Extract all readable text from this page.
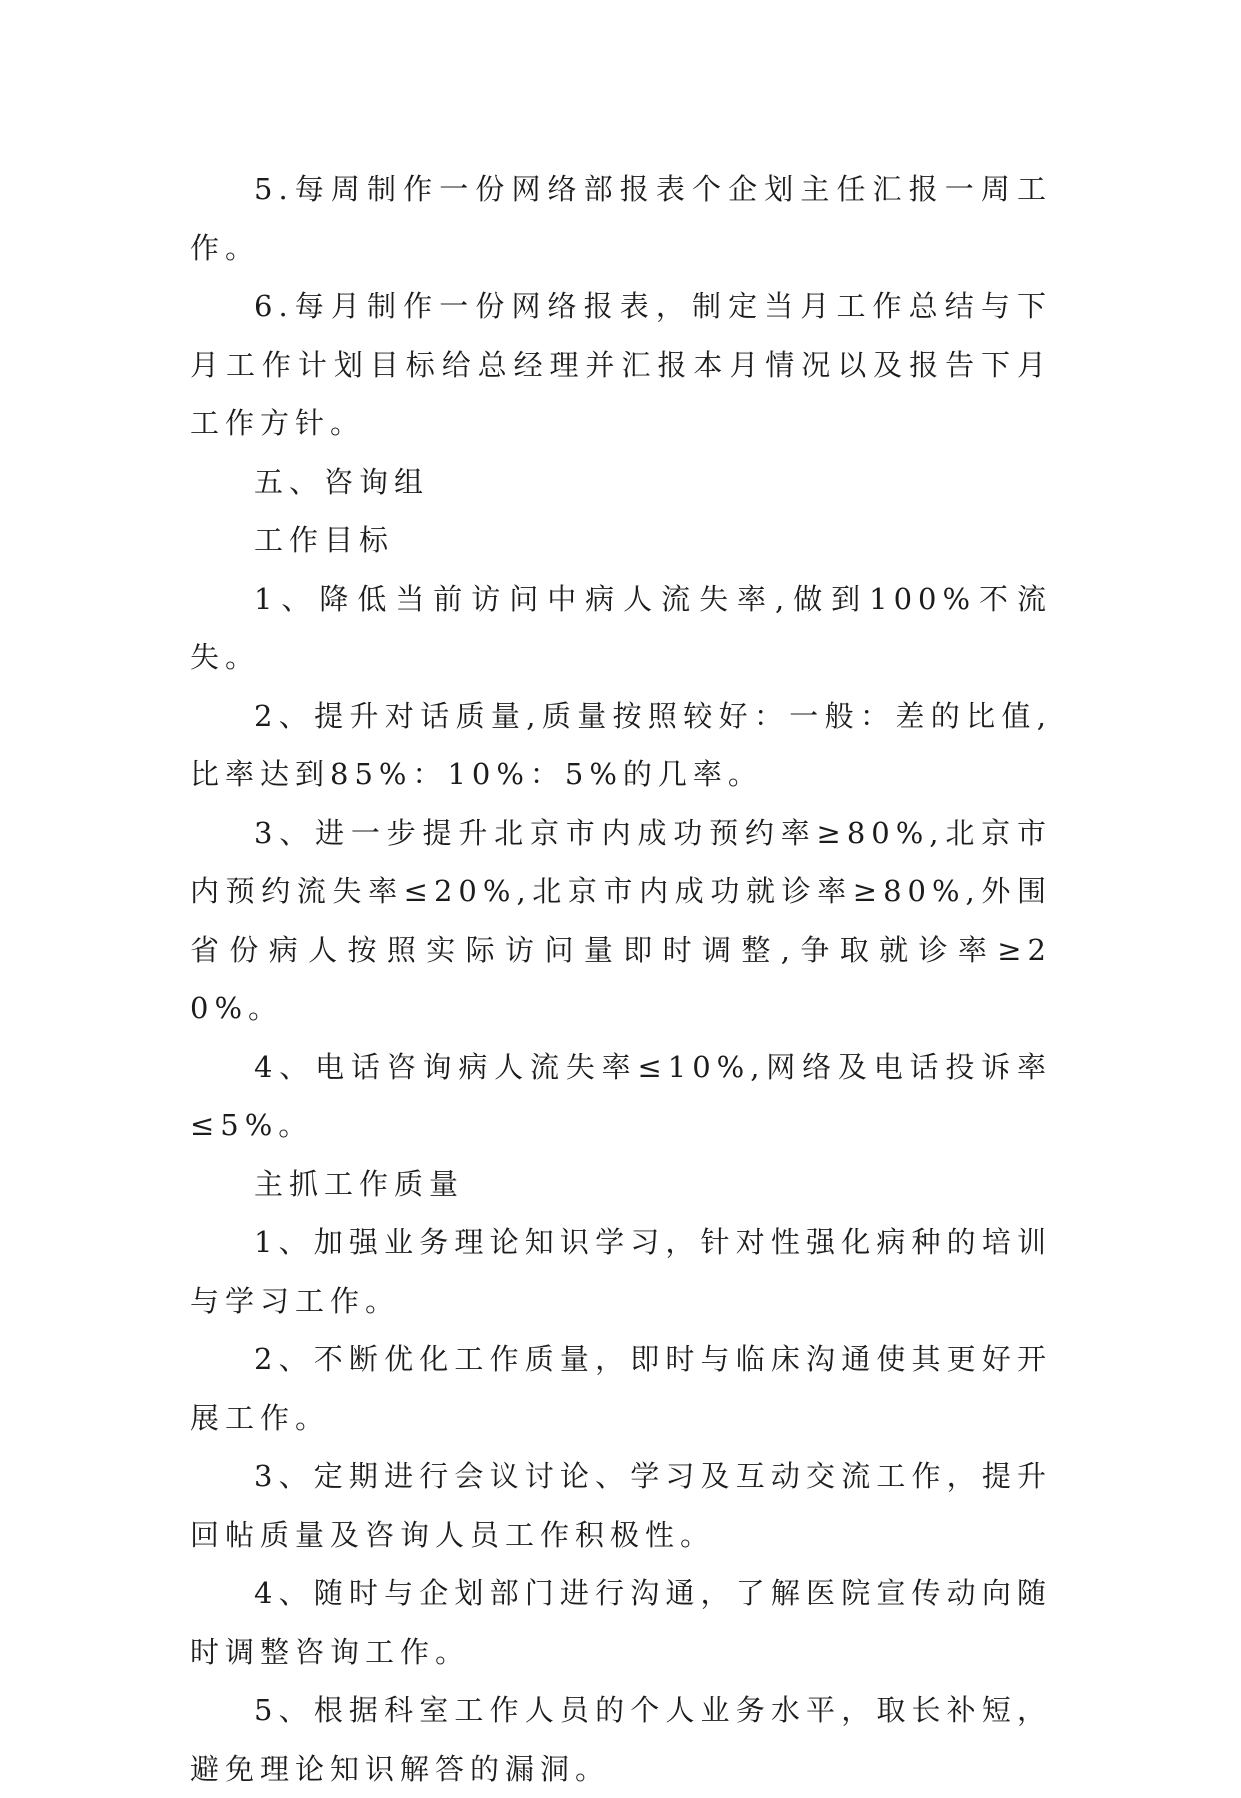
5.每周制作一份网络部报表个企划主任汇报一周工作。

6.每月制作一份网络报表，制定当月工作总结与下月工作计划目标给总经理并汇报本月情况以及报告下月工作方针。

五、咨询组

工作目标

1、降低当前访问中病人流失率,做到100%不流失。

2、提升对话质量,质量按照较好：一般：差的比值,比率达到85%：10%：5%的几率。

3、进一步提升北京市内成功预约率≥80%,北京市内预约流失率≤20%,北京市内成功就诊率≥80%,外围省份病人按照实际访问量即时调整,争取就诊率≥20%。

4、电话咨询病人流失率≤10%,网络及电话投诉率≤5%。

主抓工作质量

1、加强业务理论知识学习，针对性强化病种的培训与学习工作。

2、不断优化工作质量，即时与临床沟通使其更好开展工作。

3、定期进行会议讨论、学习及互动交流工作，提升回帖质量及咨询人员工作积极性。

4、随时与企划部门进行沟通，了解医院宣传动向随时调整咨询工作。

5、根据科室工作人员的个人业务水平，取长补短，避免理论知识解答的漏洞。
